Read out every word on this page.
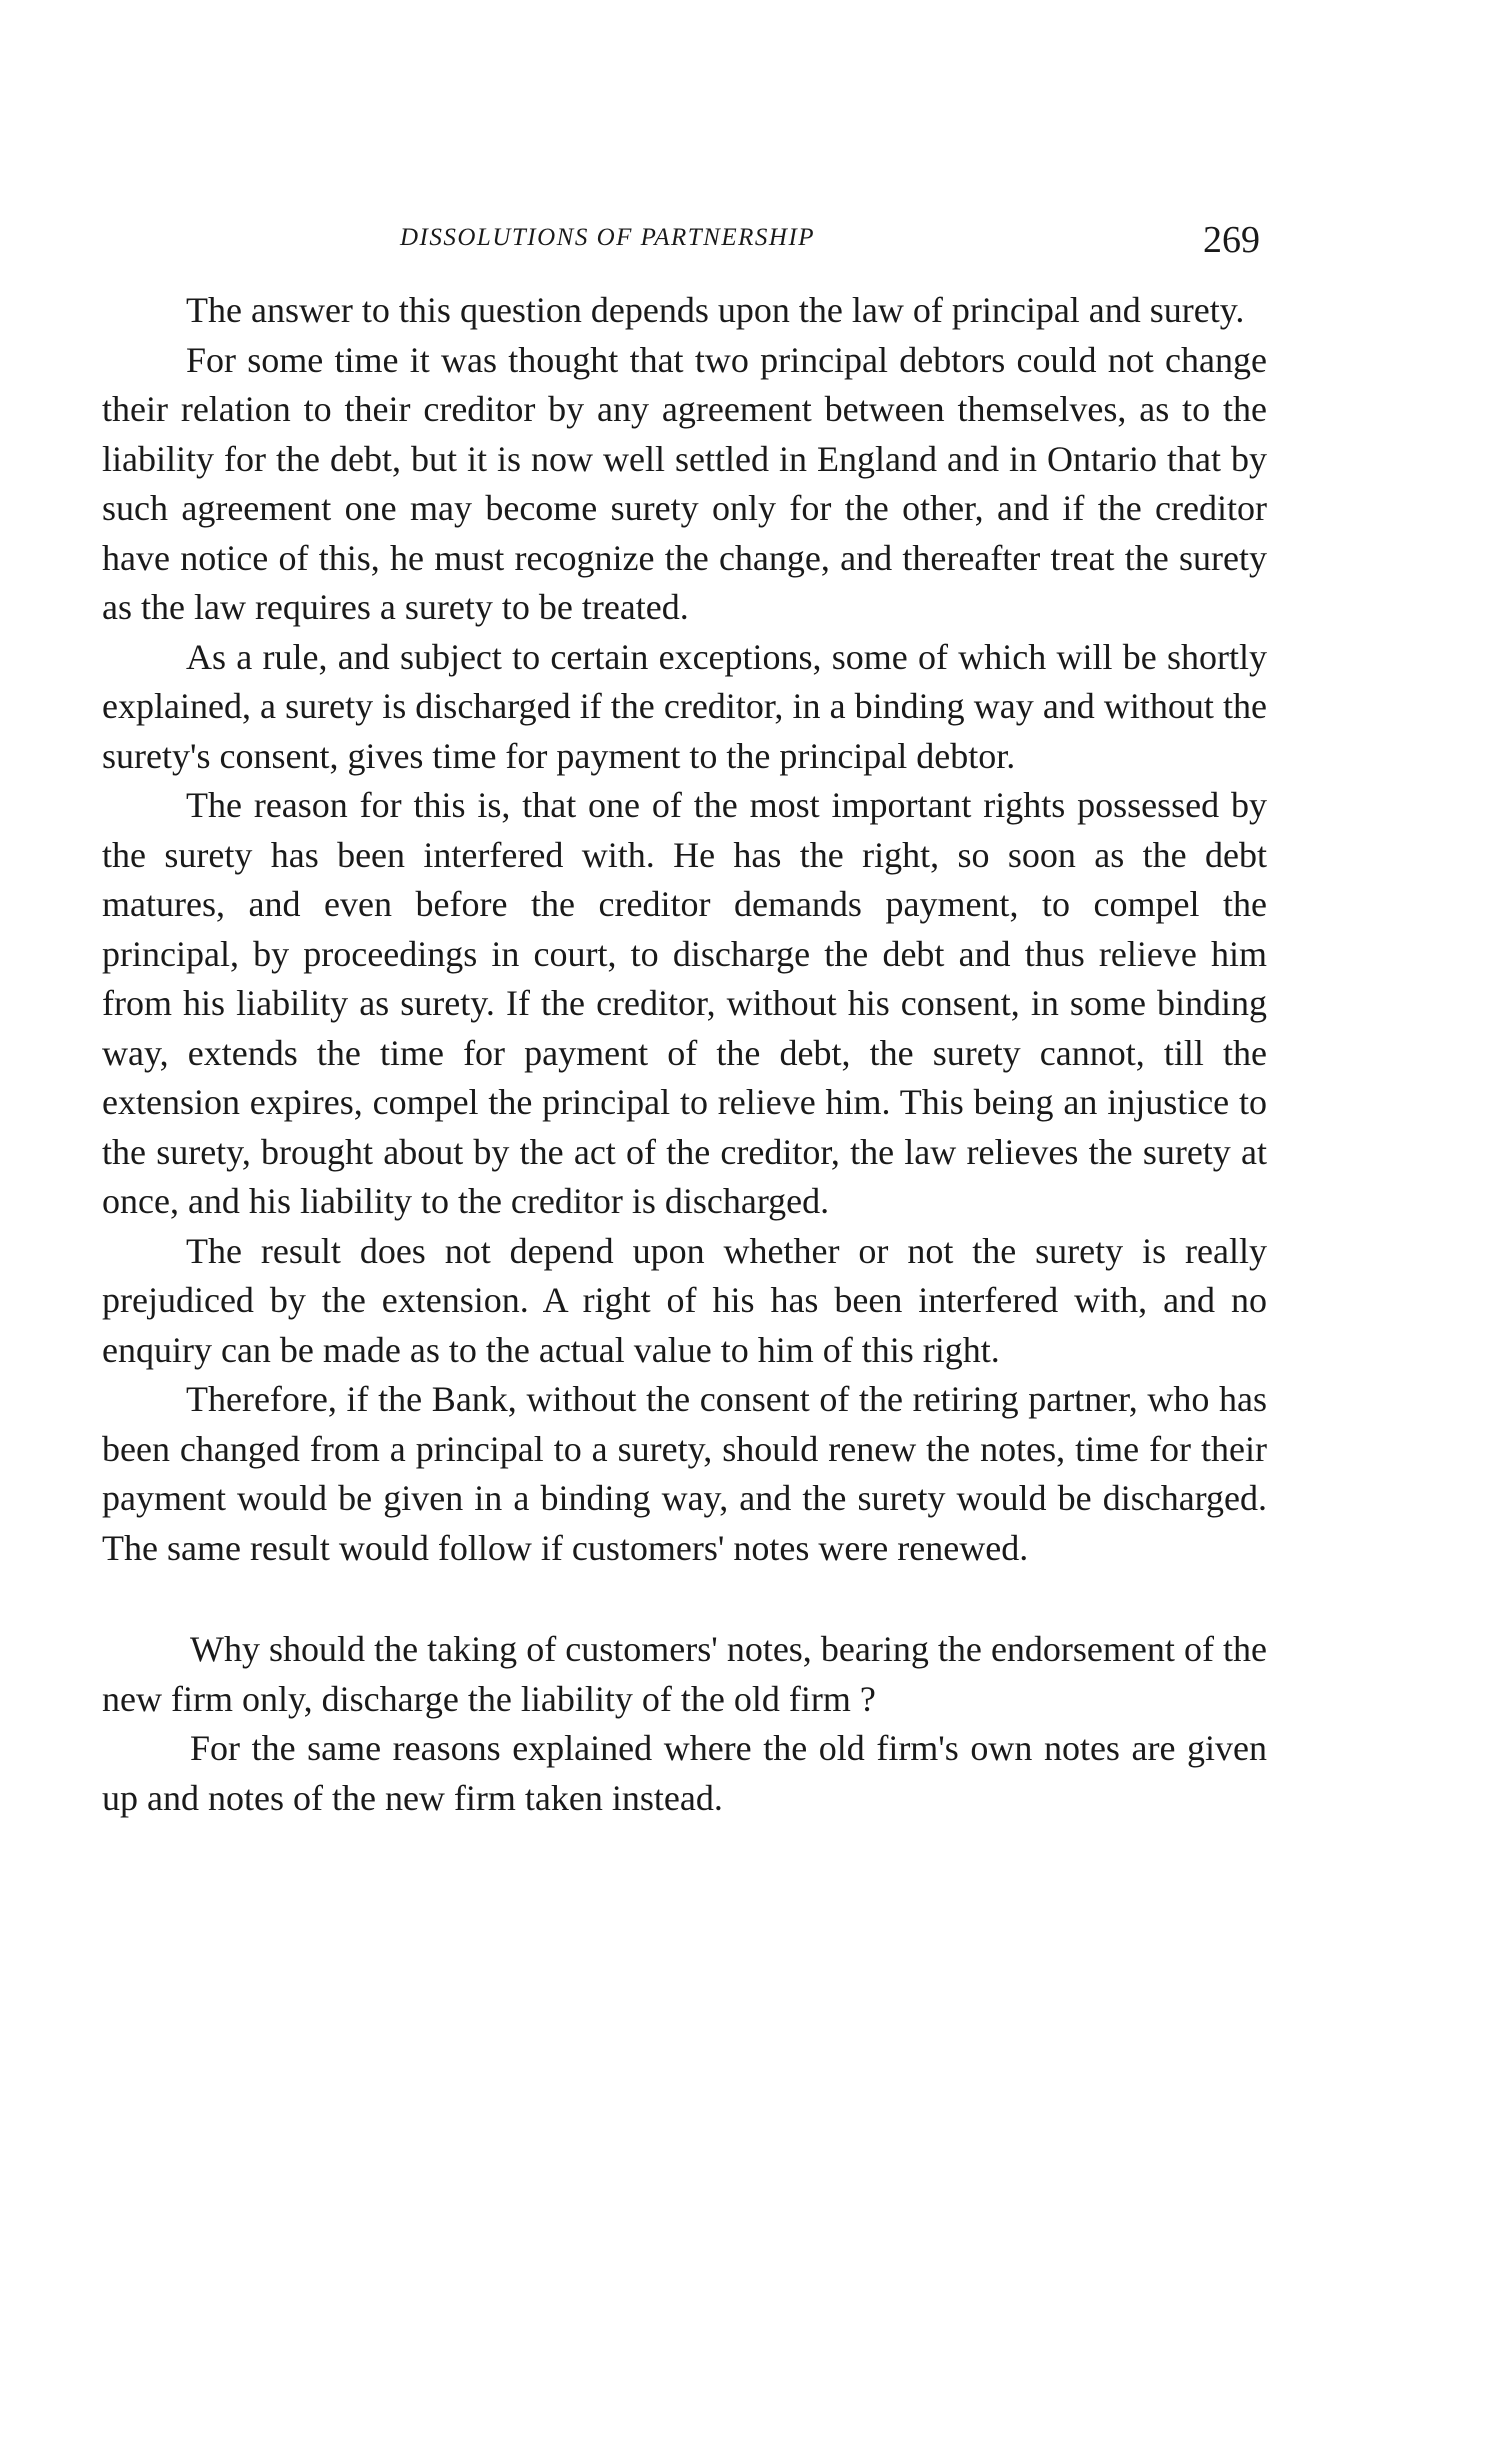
DISSOLUTIONS OF PARTNERSHIP	269

The answer to this question depends upon the law of principal and surety.

For some time it was thought that two principal debtors could not change their relation to their creditor by any agreement between themselves, as to the liability for the debt, but it is now well settled in England and in Ontario that by such agreement one may become surety only for the other, and if the creditor have notice of this, he must recognize the change, and thereafter treat the surety as the law requires a surety to be treated.

As a rule, and subject to certain exceptions, some of which will be shortly explained, a surety is discharged if the creditor, in a binding way and without the surety's consent, gives time for payment to the principal debtor.

The reason for this is, that one of the most important rights possessed by the surety has been interfered with. He has the right, so soon as the debt matures, and even before the creditor demands payment, to compel the principal, by proceedings in court, to discharge the debt and thus relieve him from his liability as surety. If the creditor, without his consent, in some binding way, extends the time for payment of the debt, the surety cannot, till the extension expires, compel the principal to relieve him. This being an injustice to the surety, brought about by the act of the creditor, the law relieves the surety at once, and his liability to the creditor is discharged.

The result does not depend upon whether or not the surety is really prejudiced by the extension. A right of his has been interfered with, and no enquiry can be made as to the actual value to him of this right.

Therefore, if the Bank, without the consent of the retiring partner, who has been changed from a principal to a surety, should renew the notes, time for their payment would be given in a binding way, and the surety would be discharged. The same result would follow if customers' notes were renewed.

Why should the taking of customers' notes, bearing the endorsement of the new firm only, discharge the liability of the old firm ?

For the same reasons explained where the old firm's own notes are given up and notes of the new firm taken instead.
